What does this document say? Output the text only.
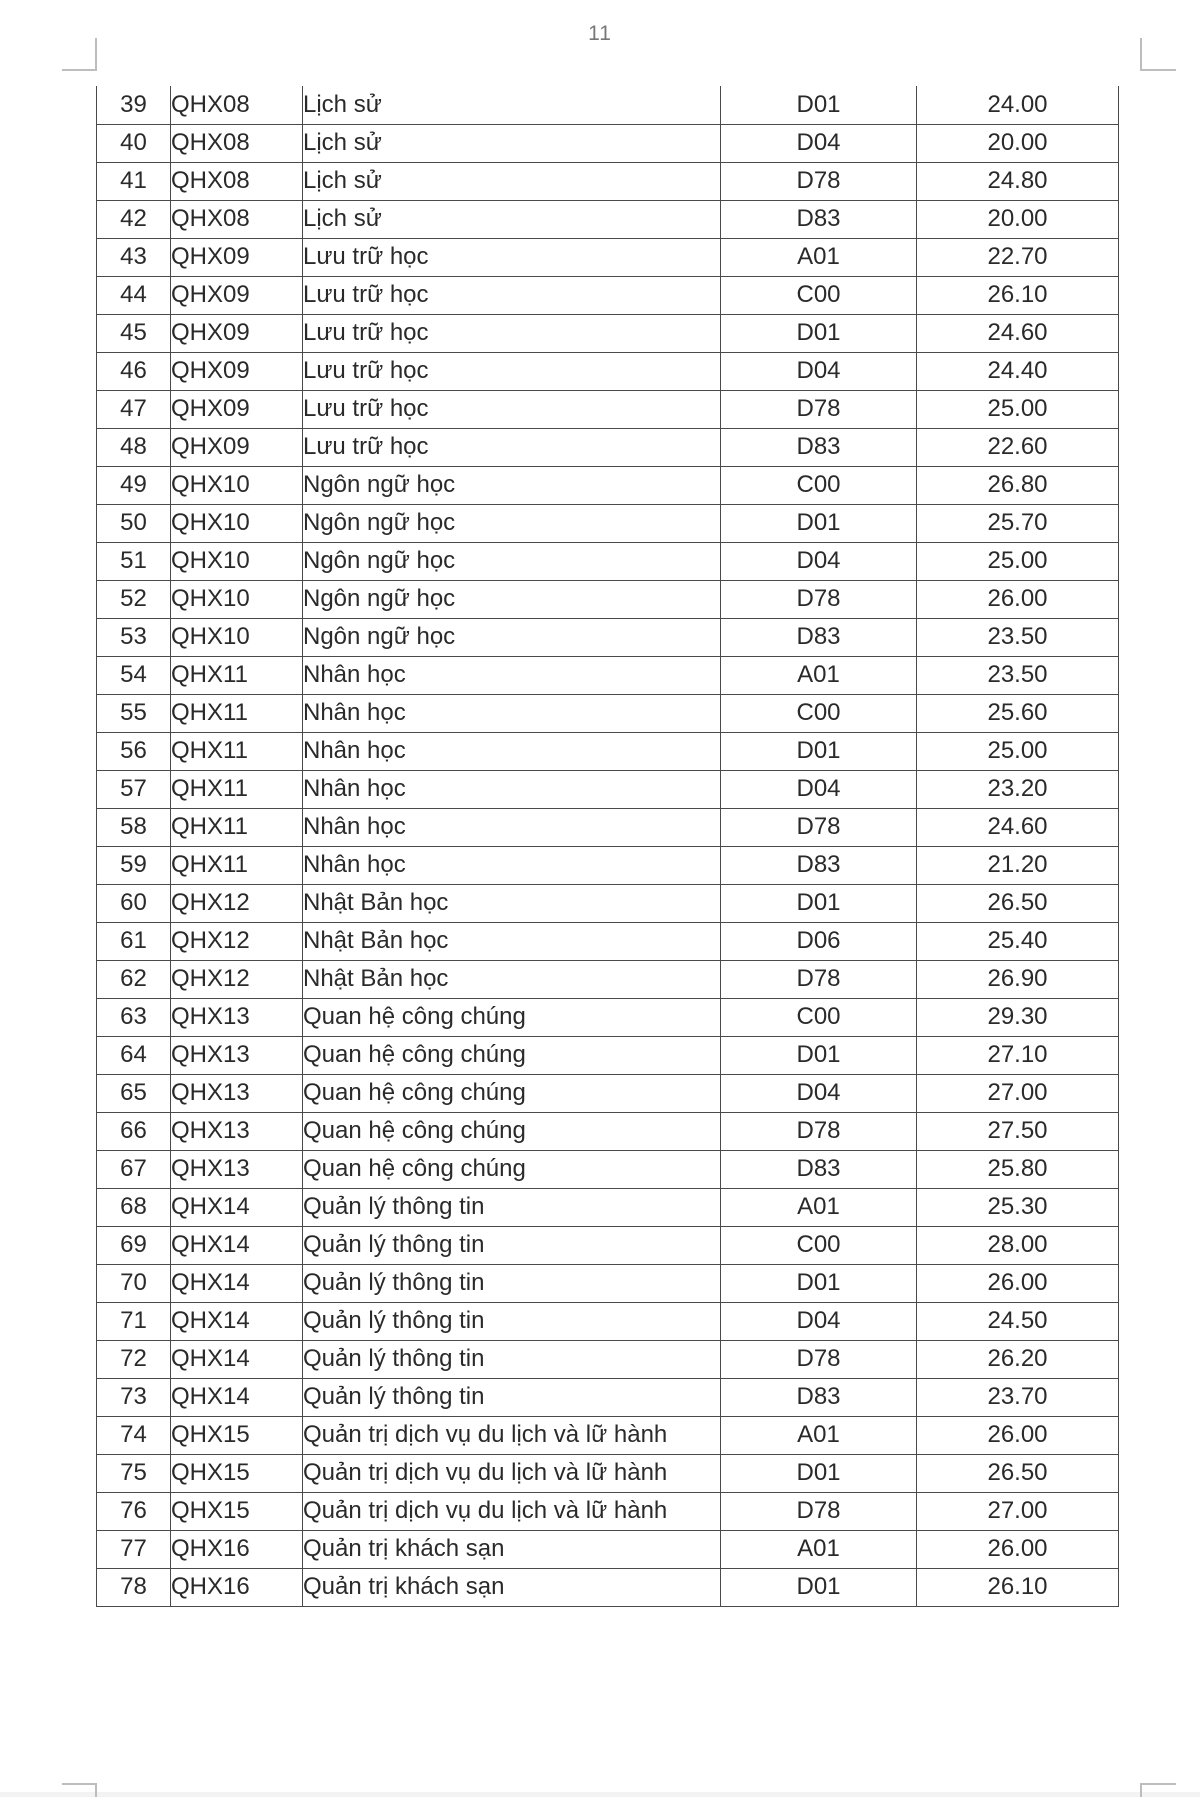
11
39	QHX08	Lịch sử	D01	24.00
40	QHX08	Lịch sử	D04	20.00
41	QHX08	Lịch sử	D78	24.80
42	QHX08	Lịch sử	D83	20.00
43	QHX09	Lưu trữ học	A01	22.70
44	QHX09	Lưu trữ học	C00	26.10
45	QHX09	Lưu trữ học	D01	24.60
46	QHX09	Lưu trữ học	D04	24.40
47	QHX09	Lưu trữ học	D78	25.00
48	QHX09	Lưu trữ học	D83	22.60
49	QHX10	Ngôn ngữ học	C00	26.80
50	QHX10	Ngôn ngữ học	D01	25.70
51	QHX10	Ngôn ngữ học	D04	25.00
52	QHX10	Ngôn ngữ học	D78	26.00
53	QHX10	Ngôn ngữ học	D83	23.50
54	QHX11	Nhân học	A01	23.50
55	QHX11	Nhân học	C00	25.60
56	QHX11	Nhân học	D01	25.00
57	QHX11	Nhân học	D04	23.20
58	QHX11	Nhân học	D78	24.60
59	QHX11	Nhân học	D83	21.20
60	QHX12	Nhật Bản học	D01	26.50
61	QHX12	Nhật Bản học	D06	25.40
62	QHX12	Nhật Bản học	D78	26.90
63	QHX13	Quan hệ công chúng	C00	29.30
64	QHX13	Quan hệ công chúng	D01	27.10
65	QHX13	Quan hệ công chúng	D04	27.00
66	QHX13	Quan hệ công chúng	D78	27.50
67	QHX13	Quan hệ công chúng	D83	25.80
68	QHX14	Quản lý thông tin	A01	25.30
69	QHX14	Quản lý thông tin	C00	28.00
70	QHX14	Quản lý thông tin	D01	26.00
71	QHX14	Quản lý thông tin	D04	24.50
72	QHX14	Quản lý thông tin	D78	26.20
73	QHX14	Quản lý thông tin	D83	23.70
74	QHX15	Quản trị dịch vụ du lịch và lữ hành	A01	26.00
75	QHX15	Quản trị dịch vụ du lịch và lữ hành	D01	26.50
76	QHX15	Quản trị dịch vụ du lịch và lữ hành	D78	27.00
77	QHX16	Quản trị khách sạn	A01	26.00
78	QHX16	Quản trị khách sạn	D01	26.10
